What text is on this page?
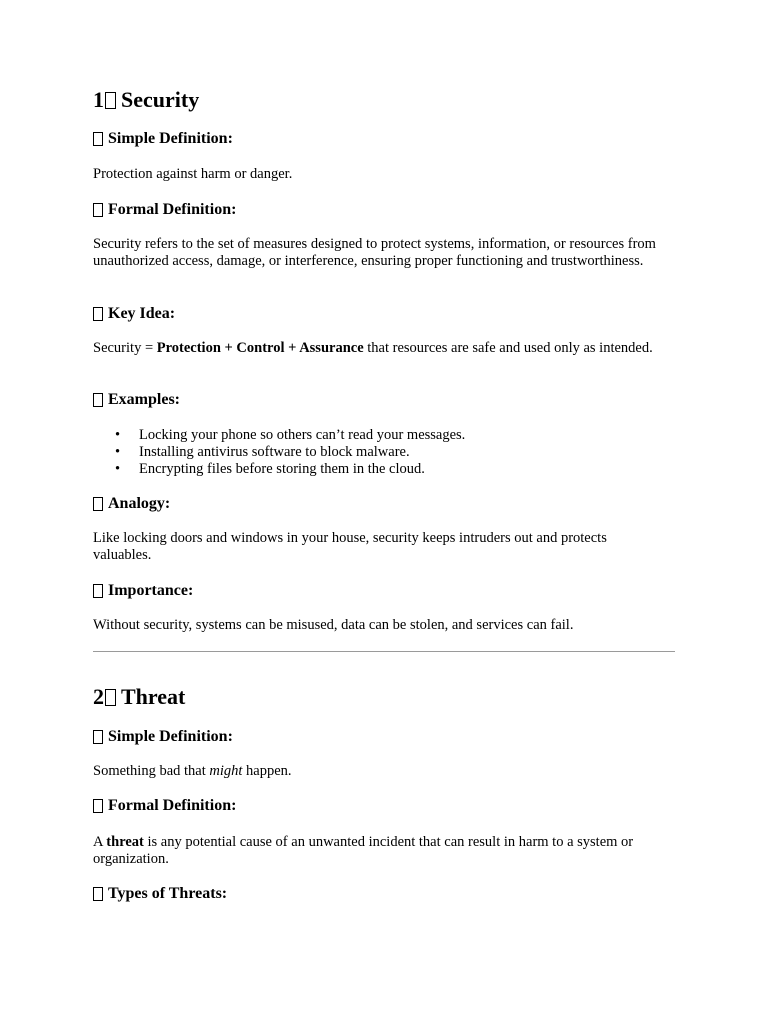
1 Security
Simple Definition:

Protection against harm or danger.

Formal Definition:

Security refers to the set of measures designed to protect systems, information, or resources from unauthorized access, damage, or interference, ensuring proper functioning and trustworthiness.

Key Idea:

Security = Protection + Control + Assurance that resources are safe and used only as intended.

Examples:
• Locking your phone so others can’t read your messages.
• Installing antivirus software to block malware.
• Encrypting files before storing them in the cloud.
Analogy:

Like locking doors and windows in your house, security keeps intruders out and protects valuables.

Importance:

Without security, systems can be misused, data can be stolen, and services can fail.

2 Threat
Simple Definition:

Something bad that might happen.

Formal Definition:

A threat is any potential cause of an unwanted incident that can result in harm to a system or organization.

Types of Threats:
